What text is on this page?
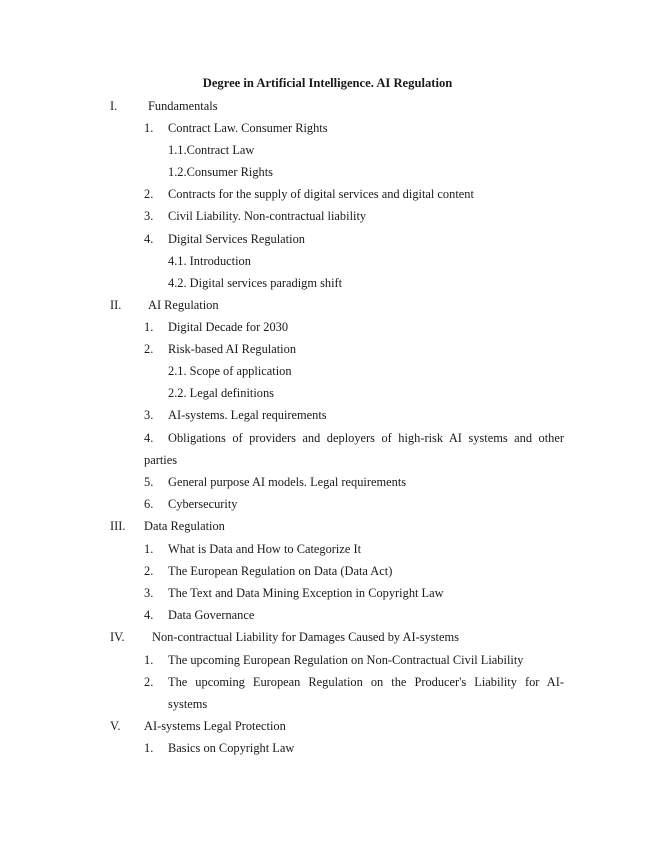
Degree in Artificial Intelligence. AI Regulation
I. Fundamentals
1. Contract Law. Consumer Rights
1.1.Contract Law
1.2.Consumer Rights
2. Contracts for the supply of digital services and digital content
3. Civil Liability. Non-contractual liability
4. Digital Services Regulation
4.1. Introduction
4.2. Digital services paradigm shift
II. AI Regulation
1. Digital Decade for 2030
2. Risk-based AI Regulation
2.1. Scope of application
2.2. Legal definitions
3. AI-systems. Legal requirements
4. Obligations of providers and deployers of high-risk AI systems and other
parties
5. General purpose AI models. Legal requirements
6. Cybersecurity
III. Data Regulation
1. What is Data and How to Categorize It
2. The European Regulation on Data (Data Act)
3. The Text and Data Mining Exception in Copyright Law
4. Data Governance
IV. Non-contractual Liability for Damages Caused by AI-systems
1. The upcoming European Regulation on Non-Contractual Civil Liability
2. The upcoming European Regulation on the Producer's Liability for AI-
systems
V. AI-systems Legal Protection
1. Basics on Copyright Law
